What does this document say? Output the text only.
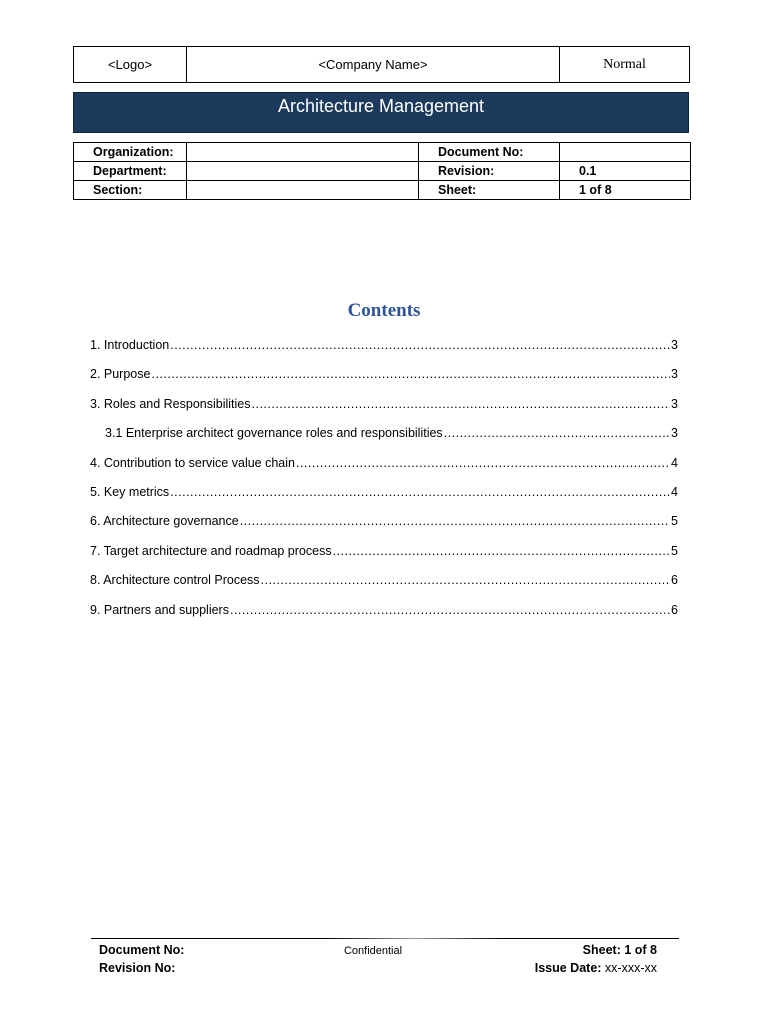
<Logo>	<Company Name>	Normal
Architecture Management
Organization:		Document No:	
Department:		Revision:	0.1
Section:		Sheet:	1 of 8
Contents
1. Introduction .....	3
2. Purpose .....	3
3. Roles and Responsibilities .....	3
3.1 Enterprise architect governance roles and responsibilities .....	3
4. Contribution to service value chain .....	4
5. Key metrics .....	4
6. Architecture governance .....	5
7. Target architecture and roadmap process .....	5
8. Architecture control Process .....	6
9. Partners and suppliers .....	6
Document No:	Confidential	Sheet: 1 of 8
Revision No:	Issue Date: xx-xxx-xx
